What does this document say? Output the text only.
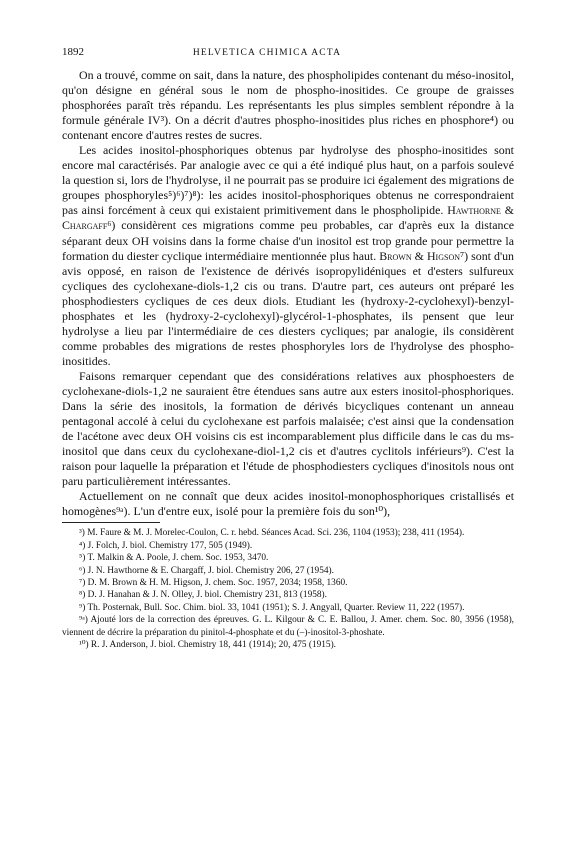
1892	HELVETICA CHIMICA ACTA

On a trouvé, comme on sait, dans la nature, des phospholipides contenant du méso-inositol, qu'on désigne en général sous le nom de phospho-inositides. Ce groupe de graisses phosphorées paraît très répandu. Les représentants les plus simples semblent répondre à la formule générale IV³). On a décrit d'autres phospho-inositides plus riches en phosphore⁴) ou contenant encore d'autres restes de sucres.

Les acides inositol-phosphoriques obtenus par hydrolyse des phospho-inositides sont encore mal caractérisés. Par analogie avec ce qui a été indiqué plus haut, on a parfois soulevé la question si, lors de l'hydrolyse, il ne pourrait pas se produire ici également des migrations de groupes phosphoryles⁵)⁶)⁷)⁸): les acides inositol-phosphoriques obtenus ne correspondraient pas ainsi forcément à ceux qui existaient primitivement dans le phospholipide. Hawthorne & Chargaff⁶) considèrent ces migrations comme peu probables, car d'après eux la distance séparant deux OH voisins dans la forme chaise d'un inositol est trop grande pour permettre la formation du diester cyclique intermédiaire mentionnée plus haut. Brown & Higson⁷) sont d'un avis opposé, en raison de l'existence de dérivés isopropylidéniques et d'esters sulfureux cycliques des cyclohexane-diols-1,2 cis ou trans. D'autre part, ces auteurs ont préparé les phosphodiesters cycliques de ces deux diols. Etudiant les (hydroxy-2-cyclohexyl)-benzyl-phosphates et les (hydroxy-2-cyclohexyl)-glycérol-1-phosphates, ils pensent que leur hydrolyse a lieu par l'intermédiaire de ces diesters cycliques; par analogie, ils considèrent comme probables des migrations de restes phosphoryles lors de l'hydrolyse des phospho-inositides.

Faisons remarquer cependant que des considérations relatives aux phosphoesters de cyclohexane-diols-1,2 ne sauraient être étendues sans autre aux esters inositol-phosphoriques. Dans la série des inositols, la formation de dérivés bicycliques contenant un anneau pentagonal accolé à celui du cyclohexane est parfois malaisée; c'est ainsi que la condensation de l'acétone avec deux OH voisins cis est incomparablement plus difficile dans le cas du ms-inositol que dans ceux du cyclohexane-diol-1,2 cis et d'autres cyclitols inférieurs⁹). C'est la raison pour laquelle la préparation et l'étude de phosphodiesters cycliques d'inositols nous ont paru particulièrement intéressantes.

Actuellement on ne connaît que deux acides inositol-monophosphoriques cristallisés et homogènes⁹ᵃ). L'un d'entre eux, isolé pour la première fois du son¹⁰),

³) M. Faure & M. J. Morelec-Coulon, C. r. hebd. Séances Acad. Sci. 236, 1104 (1953); 238, 411 (1954).
⁴) J. Folch, J. biol. Chemistry 177, 505 (1949).
⁵) T. Malkin & A. Poole, J. chem. Soc. 1953, 3470.
⁶) J. N. Hawthorne & E. Chargaff, J. biol. Chemistry 206, 27 (1954).
⁷) D. M. Brown & H. M. Higson, J. chem. Soc. 1957, 2034; 1958, 1360.
⁸) D. J. Hanahan & J. N. Olley, J. biol. Chemistry 231, 813 (1958).
⁹) Th. Posternak, Bull. Soc. Chim. biol. 33, 1041 (1951); S. J. Angyall, Quarter. Review 11, 222 (1957).
⁹ᵃ) Ajouté lors de la correction des épreuves. G. L. Kilgour & C. E. Ballou, J. Amer. chem. Soc. 80, 3956 (1958), viennent de décrire la préparation du pinitol-4-phosphate et du (–)-inositol-3-phoshate.
¹⁰) R. J. Anderson, J. biol. Chemistry 18, 441 (1914); 20, 475 (1915).
